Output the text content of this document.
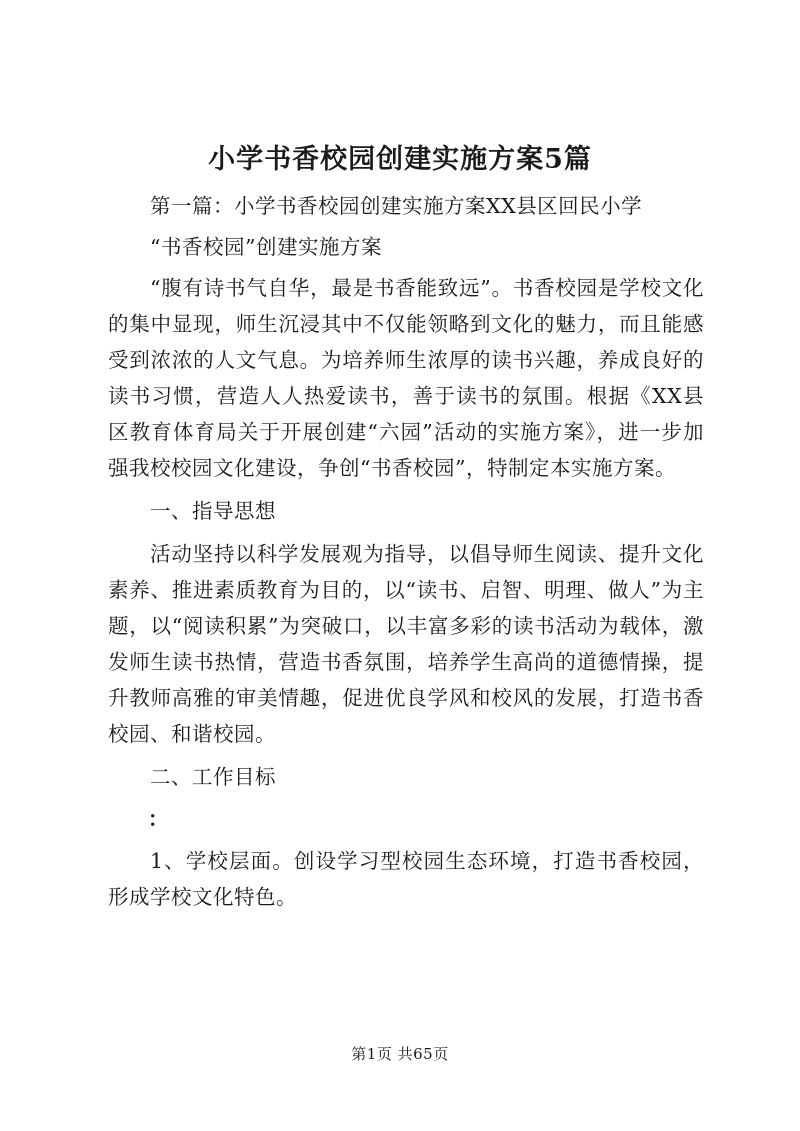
小学书香校园创建实施方案5篇

第一篇：小学书香校园创建实施方案XX县区回民小学

“书香校园”创建实施方案

“腹有诗书气自华，最是书香能致远”。书香校园是学校文化的集中显现，师生沉浸其中不仅能领略到文化的魅力，而且能感受到浓浓的人文气息。为培养师生浓厚的读书兴趣，养成良好的读书习惯，营造人人热爱读书，善于读书的氛围。根据《XX县区教育体育局关于开展创建“六园”活动的实施方案》，进一步加强我校校园文化建设，争创“书香校园”，特制定本实施方案。

一、指导思想

活动坚持以科学发展观为指导，以倡导师生阅读、提升文化素养、推进素质教育为目的，以“读书、启智、明理、做人”为主题，以“阅读积累”为突破口，以丰富多彩的读书活动为载体，激发师生读书热情，营造书香氛围，培养学生高尚的道德情操，提升教师高雅的审美情趣，促进优良学风和校风的发展，打造书香校园、和谐校园。

二、工作目标

：

1、学校层面。创设学习型校园生态环境，打造书香校园，形成学校文化特色。

第1页 共65页
